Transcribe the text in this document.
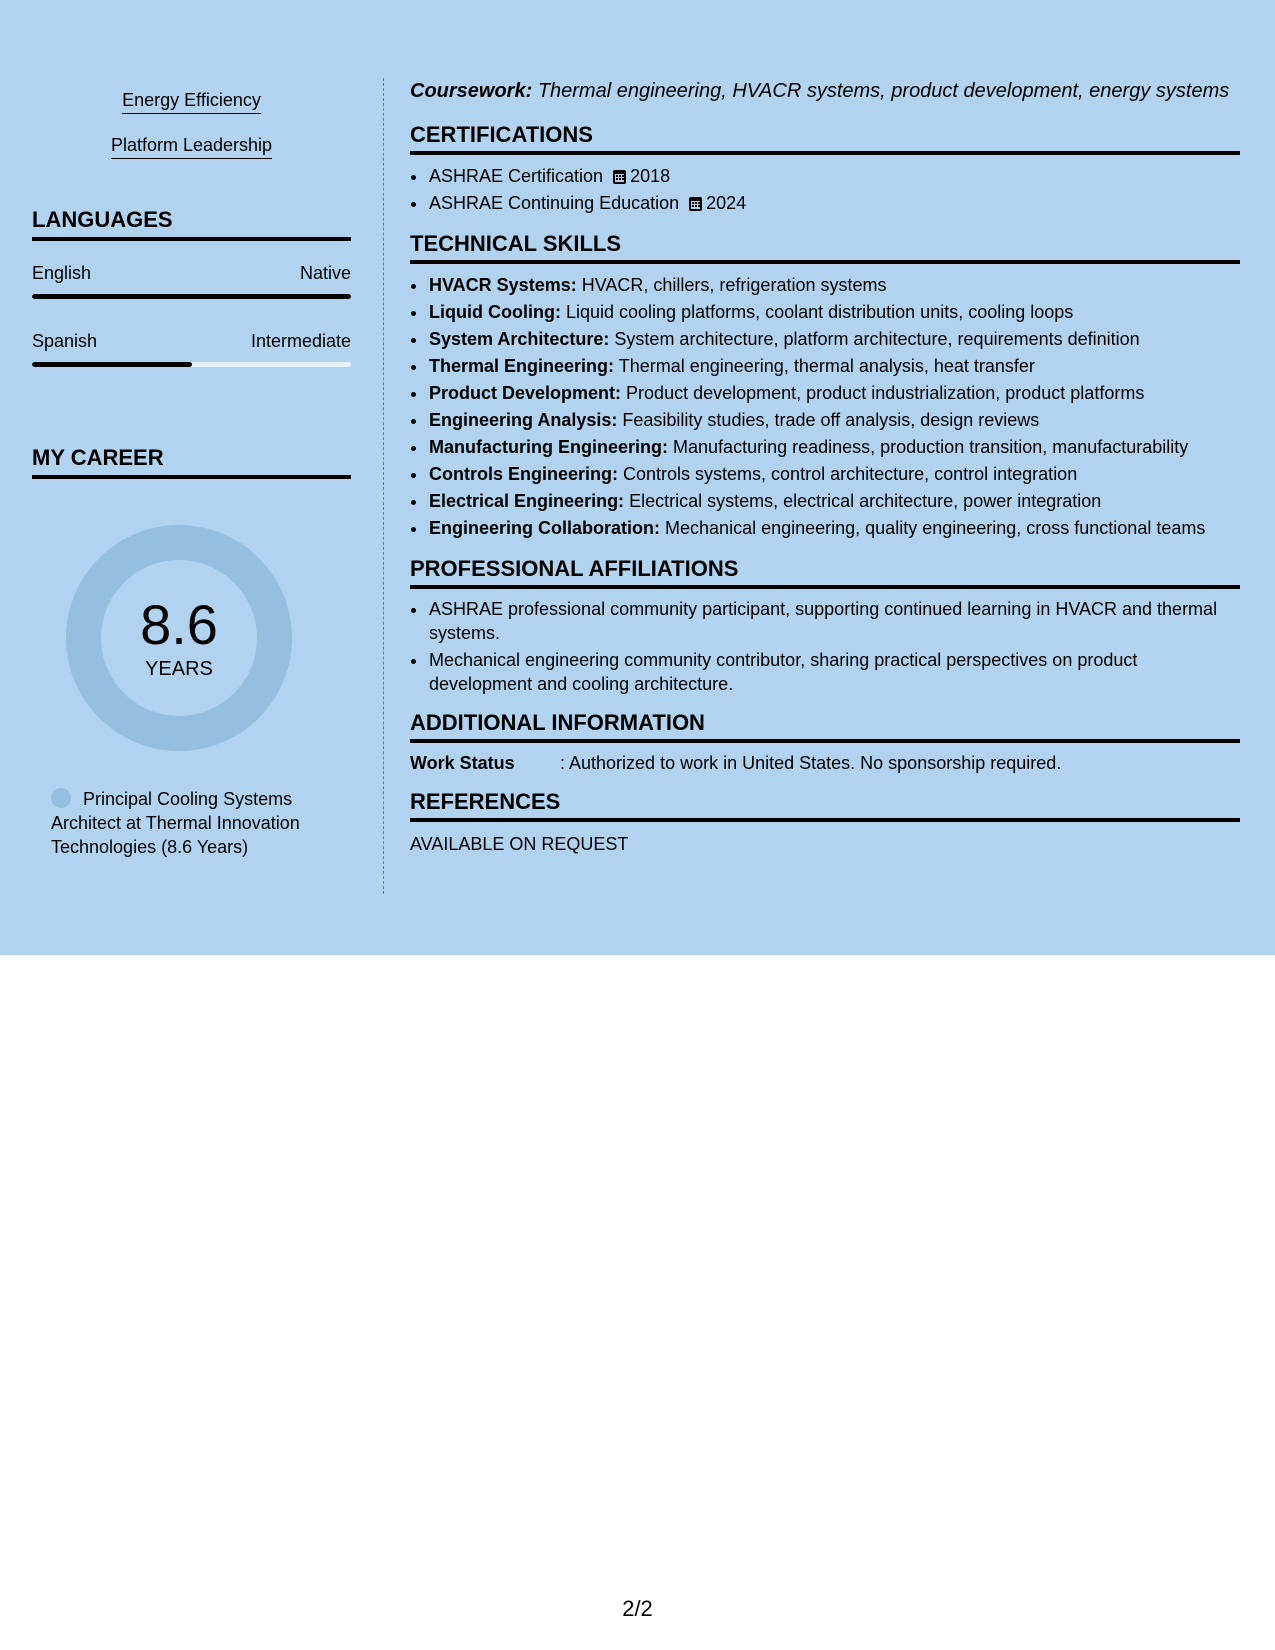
Energy Efficiency
Platform Leadership
LANGUAGES
English	Native
Spanish	Intermediate
MY CAREER
8.6
YEARS
Principal Cooling Systems Architect at Thermal Innovation Technologies (8.6 Years)
Coursework: Thermal engineering, HVACR systems, product development, energy systems
CERTIFICATIONS
• ASHRAE Certification 2018
• ASHRAE Continuing Education 2024
TECHNICAL SKILLS
• HVACR Systems: HVACR, chillers, refrigeration systems
• Liquid Cooling: Liquid cooling platforms, coolant distribution units, cooling loops
• System Architecture: System architecture, platform architecture, requirements definition
• Thermal Engineering: Thermal engineering, thermal analysis, heat transfer
• Product Development: Product development, product industrialization, product platforms
• Engineering Analysis: Feasibility studies, trade off analysis, design reviews
• Manufacturing Engineering: Manufacturing readiness, production transition, manufacturability
• Controls Engineering: Controls systems, control architecture, control integration
• Electrical Engineering: Electrical systems, electrical architecture, power integration
• Engineering Collaboration: Mechanical engineering, quality engineering, cross functional teams
PROFESSIONAL AFFILIATIONS
• ASHRAE professional community participant, supporting continued learning in HVACR and thermal systems.
• Mechanical engineering community contributor, sharing practical perspectives on product development and cooling architecture.
ADDITIONAL INFORMATION
Work Status	: Authorized to work in United States. No sponsorship required.
REFERENCES
AVAILABLE ON REQUEST
2/2
